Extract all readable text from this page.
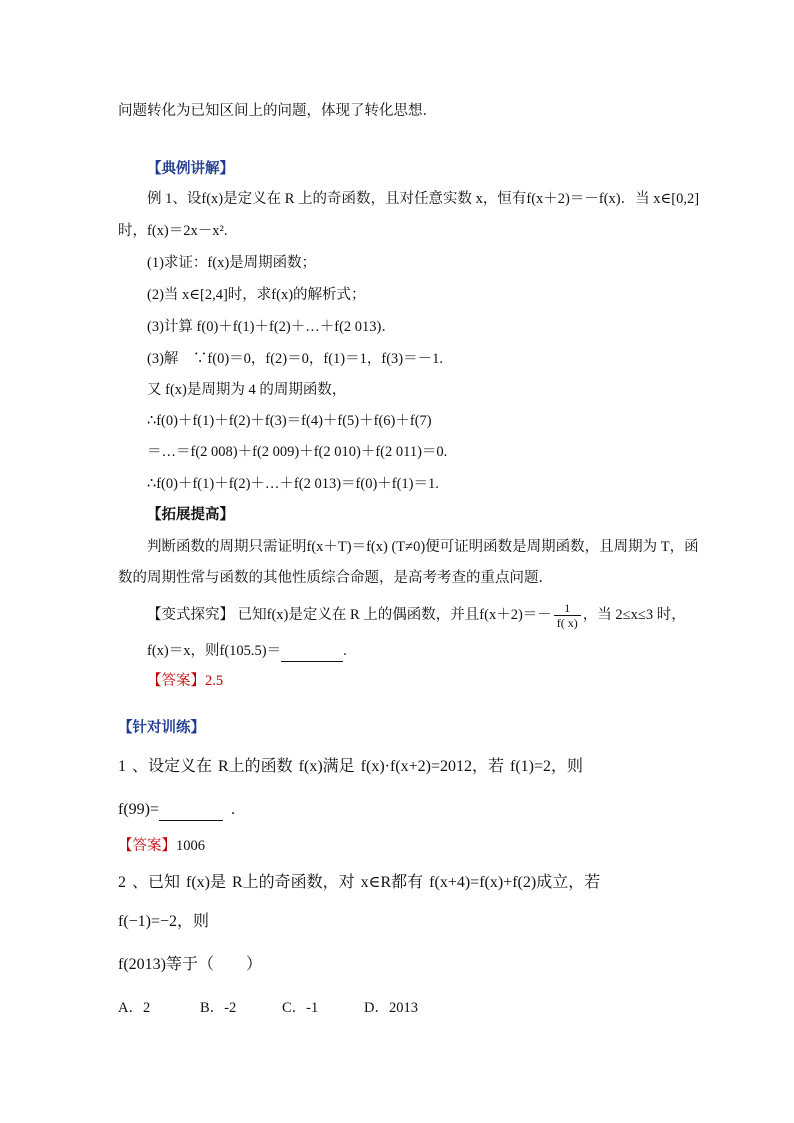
问题转化为已知区间上的问题，体现了转化思想．
【典例讲解】
例 1、设f(x)是定义在 R 上的奇函数，且对任意实数 x，恒有f(x＋2)＝－f(x)．当 x∈[0,2]
时，f(x)＝2x－x².
(1)求证：f(x)是周期函数；
(2)当 x∈[2,4]时，求f(x)的解析式；
(3)计算 f(0)＋f(1)＋f(2)＋…＋f(2 013)．
(3)解　∵f(0)＝0，f(2)＝0，f(1)＝1，f(3)＝－1.
又 f(x)是周期为 4 的周期函数，
∴f(0)＋f(1)＋f(2)＋f(3)＝f(4)＋f(5)＋f(6)＋f(7)
＝…＝f(2 008)＋f(2 009)＋f(2 010)＋f(2 011)＝0.
∴f(0)＋f(1)＋f(2)＋…＋f(2 013)＝f(0)＋f(1)＝1.
【拓展提高】
判断函数的周期只需证明f(x＋T)＝f(x) (T≠0)便可证明函数是周期函数，且周期为 T，函
数的周期性常与函数的其他性质综合命题，是高考考查的重点问题．
【变式探究】 已知f(x)是定义在 R 上的偶函数，并且$f(x+2)=- \frac{1}{f( x)}$ ，当 2≤x≤3 时，
f(x)＝x，则f(105.5)＝	.
【答案】2.5
【针对训练】
1 、设定义在 R上的函数 f(x)满足 f(x)·f(x+2)=2012，若 f(1)=2，则
f(99)=	.
【答案】1006
2 、已知 f(x)是 R上的奇函数，对 x∈R都有 f(x+4)=f(x)+f(2)成立，若
f(−1)=−2，则
f(2013)等于（　　）
A．2	B．-2	C．-1	D．2013
